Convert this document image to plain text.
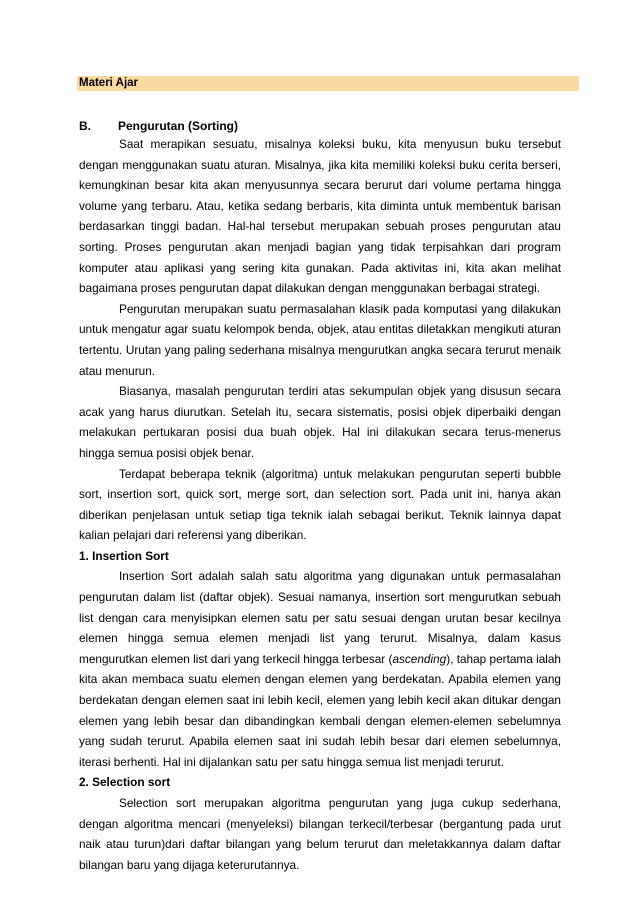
Materi Ajar
B. Pengurutan (Sorting)

Saat merapikan sesuatu, misalnya koleksi buku, kita menyusun buku tersebut dengan menggunakan suatu aturan. Misalnya, jika kita memiliki koleksi buku cerita berseri, kemungkinan besar kita akan menyusunnya secara berurut dari volume pertama hingga volume yang terbaru. Atau, ketika sedang berbaris, kita diminta untuk membentuk barisan berdasarkan tinggi badan. Hal-hal tersebut merupakan sebuah proses pengurutan atau sorting. Proses pengurutan akan menjadi bagian yang tidak terpisahkan dari program komputer atau aplikasi yang sering kita gunakan. Pada aktivitas ini, kita akan melihat bagaimana proses pengurutan dapat dilakukan dengan menggunakan berbagai strategi.

Pengurutan merupakan suatu permasalahan klasik pada komputasi yang dilakukan untuk mengatur agar suatu kelompok benda, objek, atau entitas diletakkan mengikuti aturan tertentu. Urutan yang paling sederhana misalnya mengurutkan angka secara terurut menaik atau menurun.

Biasanya, masalah pengurutan terdiri atas sekumpulan objek yang disusun secara acak yang harus diurutkan. Setelah itu, secara sistematis, posisi objek diperbaiki dengan melakukan pertukaran posisi dua buah objek. Hal ini dilakukan secara terus-menerus hingga semua posisi objek benar.

Terdapat beberapa teknik (algoritma) untuk melakukan pengurutan seperti bubble sort, insertion sort, quick sort, merge sort, dan selection sort. Pada unit ini, hanya akan diberikan penjelasan untuk setiap tiga teknik ialah sebagai berikut. Teknik lainnya dapat kalian pelajari dari referensi yang diberikan.

1. Insertion Sort

Insertion Sort adalah salah satu algoritma yang digunakan untuk permasalahan pengurutan dalam list (daftar objek). Sesuai namanya, insertion sort mengurutkan sebuah list dengan cara menyisipkan elemen satu per satu sesuai dengan urutan besar kecilnya elemen hingga semua elemen menjadi list yang terurut. Misalnya, dalam kasus mengurutkan elemen list dari yang terkecil hingga terbesar (ascending), tahap pertama ialah kita akan membaca suatu elemen dengan elemen yang berdekatan. Apabila elemen yang berdekatan dengan elemen saat ini lebih kecil, elemen yang lebih kecil akan ditukar dengan elemen yang lebih besar dan dibandingkan kembali dengan elemen-elemen sebelumnya yang sudah terurut. Apabila elemen saat ini sudah lebih besar dari elemen sebelumnya, iterasi berhenti. Hal ini dijalankan satu per satu hingga semua list menjadi terurut.

2. Selection sort

Selection sort merupakan algoritma pengurutan yang juga cukup sederhana, dengan algoritma mencari (menyeleksi) bilangan terkecil/terbesar (bergantung pada urut naik atau turun)dari daftar bilangan yang belum terurut dan meletakkannya dalam daftar bilangan baru yang dijaga keterurutannya.
